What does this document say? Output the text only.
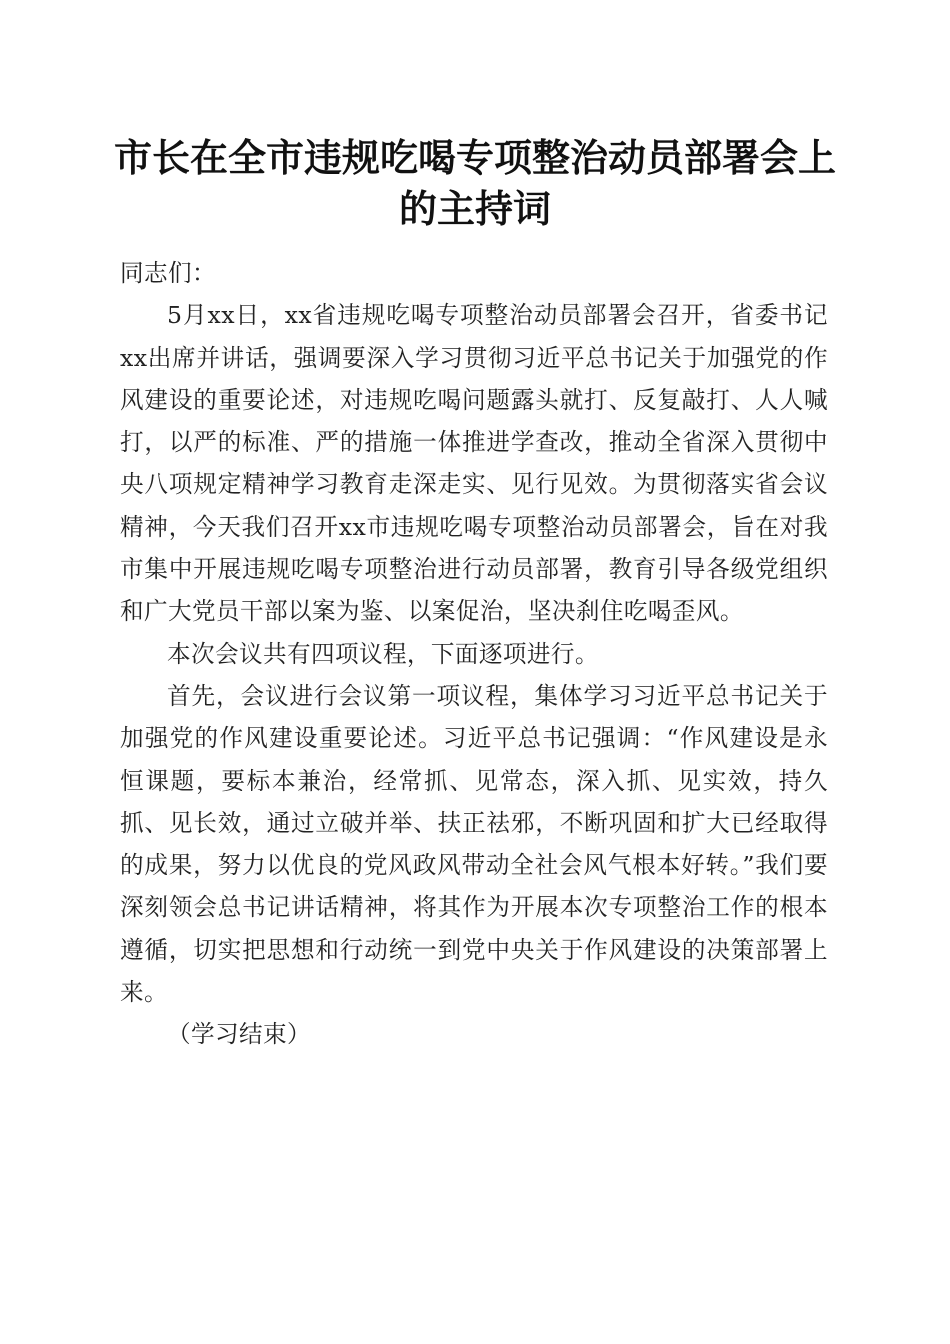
市长在全市违规吃喝专项整治动员部署会上的主持词

同志们：

5月xx日，xx省违规吃喝专项整治动员部署会召开，省委书记xx出席并讲话，强调要深入学习贯彻习近平总书记关于加强党的作风建设的重要论述，对违规吃喝问题露头就打、反复敲打、人人喊打，以严的标准、严的措施一体推进学查改，推动全省深入贯彻中央八项规定精神学习教育走深走实、见行见效。为贯彻落实省会议精神，今天我们召开xx市违规吃喝专项整治动员部署会，旨在对我市集中开展违规吃喝专项整治进行动员部署，教育引导各级党组织和广大党员干部以案为鉴、以案促治，坚决刹住吃喝歪风。

本次会议共有四项议程，下面逐项进行。

首先，会议进行会议第一项议程，集体学习习近平总书记关于加强党的作风建设重要论述。习近平总书记强调：“作风建设是永恒课题，要标本兼治，经常抓、见常态，深入抓、见实效，持久抓、见长效，通过立破并举、扶正祛邪，不断巩固和扩大已经取得的成果，努力以优良的党风政风带动全社会风气根本好转。”我们要深刻领会总书记讲话精神，将其作为开展本次专项整治工作的根本遵循，切实把思想和行动统一到党中央关于作风建设的决策部署上来。

（学习结束）
